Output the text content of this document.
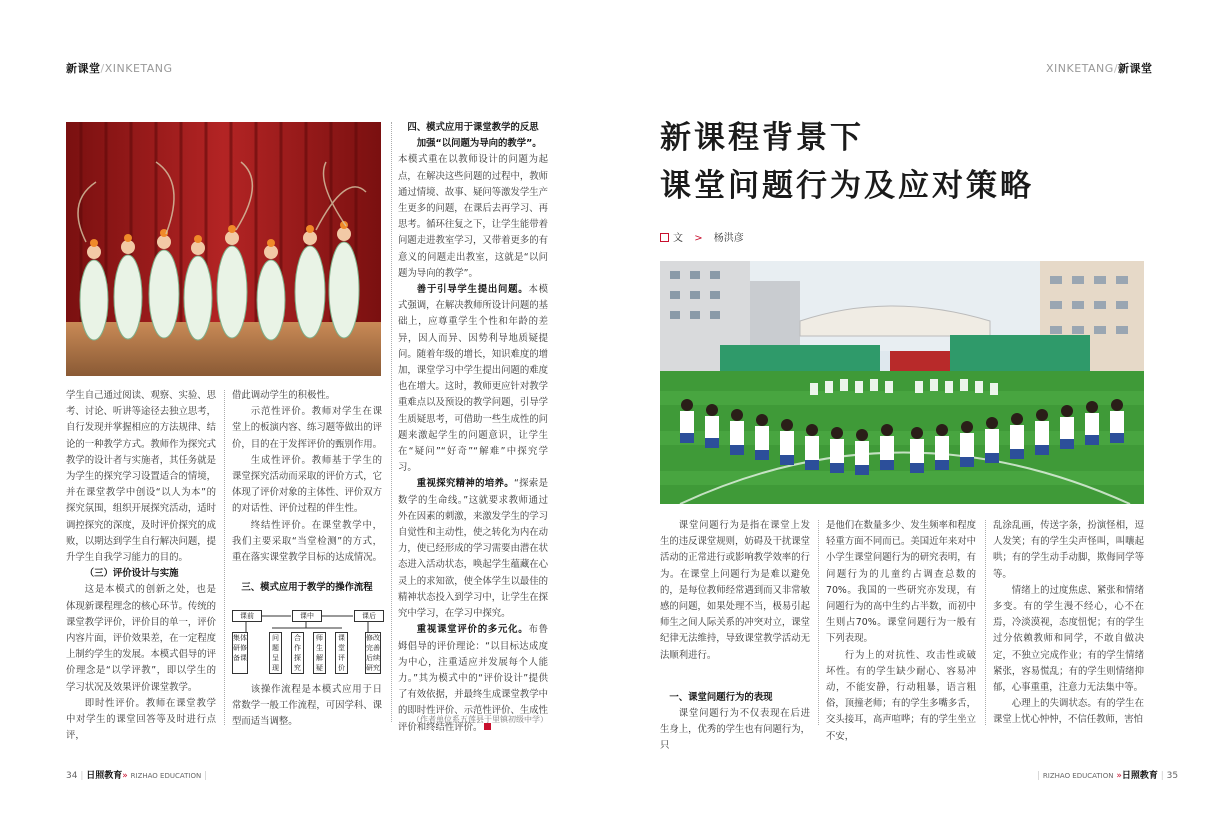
新课堂/XINKETANG	XINKETANG/新课堂

学生自己通过阅读、观察、实验、思考、讨论、听讲等途径去独立思考，自行发现并掌握相应的方法规律、结论的一种教学方式。教师作为探究式教学的设计者与实施者，其任务就是为学生的探究学习设置适合的情境，并在课堂教学中创设“以人为本”的探究氛围，组织开展探究活动，适时调控探究的深度，及时评价探究的成败，以期达到学生自行解决问题，提升学生自我学习能力的目的。

（三）评价设计与实施

这是本模式的创新之处，也是体现新课程理念的核心环节。传统的课堂教学评价，评价目的单一，评价内容片面，评价效果差，在一定程度上制约学生的发展。本模式倡导的评价理念是“以学评教”，即以学生的学习状况及效果评价课堂教学。

即时性评价。教师在课堂教学中对学生的课堂回答等及时进行点评，

借此调动学生的积极性。

示范性评价。教师对学生在课堂上的板演内容、练习题等做出的评价，目的在于发挥评价的甄别作用。

生成性评价。教师基于学生的课堂探究活动而采取的评价方式，它体现了评价对象的主体性、评价双方的对话性、评价过程的伴生性。

终结性评价。在课堂教学中，我们主要采取“当堂检测”的方式，重在落实课堂教学目标的达成情况。

三、模式应用于教学的操作流程

课前	课中	课后
集体研修备课
问题呈现
合作探究
师生解疑
课堂评价
修改完善后续研究

该操作流程是本模式应用于日常数学一般工作流程，可因学科、课型而适当调整。

四、模式应用于课堂教学的反思

加强“以问题为导向的教学”。

本模式重在以教师设计的问题为起点，在解决这些问题的过程中，教师通过情境、故事、疑问等激发学生产生更多的问题，在课后去再学习、再思考。循环往复之下，让学生能带着问题走进教室学习，又带着更多的有意义的问题走出教室，这就是“以问题为导向的教学”。

善于引导学生提出问题。本模式强调，在解决教师所设计问题的基础上，应尊重学生个性和年龄的差异，因人而异、因势利导地质疑提问。随着年级的增长，知识难度的增加，课堂学习中学生提出问题的难度也在增大。这时，教师更应针对教学重难点以及预设的教学问题，引导学生质疑思考，可借助一些生成性的问题来激起学生的问题意识，让学生在“疑问”“好奇”“解难”中探究学习。

重视探究精神的培养。“探索是数学的生命线。”这就要求教师通过外在因素的刺激，来激发学生的学习自觉性和主动性，使之转化为内在动力，使已经形成的学习需要由潜在状态进入活动状态，唤起学生蕴藏在心灵上的求知欲，使全体学生以最佳的精神状态投入到学习中，让学生在探究中学习，在学习中探究。

重视课堂评价的多元化。布鲁姆倡导的评价理论：“以目标达成度为中心，注重适应并发展每个人能力。”其为模式中的“评价设计”提供了有效依据，并最终生成课堂教学中的即时性评价、示范性评价、生成性评价和终结性评价。

（作者单位系五莲县于里镇初级中学）
34 | 日照教育» RIZHAO EDUCATION |
新课程背景下
课堂问题行为及应对策略
文 > 杨洪彦

课堂问题行为是指在课堂上发生的违反课堂规则，妨碍及干扰课堂活动的正常进行或影响教学效率的行为。在课堂上问题行为是难以避免的，是每位教师经常遇到而又非常敏感的问题，如果处理不当，极易引起师生之间人际关系的冲突对立，课堂纪律无法维持，导致课堂教学活动无法顺利进行。

一、课堂问题行为的表现

课堂问题行为不仅表现在后进生身上，优秀的学生也有问题行为，只

是他们在数量多少、发生频率和程度轻重方面不同而已。美国近年来对中小学生课堂问题行为的研究表明，有问题行为的儿童约占调查总数的70%。我国的一些研究亦发现，有问题行为的高中生约占半数，而初中生则占70%。课堂问题行为一般有下列表现。

行为上的对抗性、攻击性或破坏性。有的学生缺少耐心、容易冲动，不能安静，行动粗暴，语言粗俗，顶撞老师；有的学生多嘴多舌，交头接耳，高声喧哗；有的学生坐立不安，

乱涂乱画，传送字条，扮演怪相，逗人发笑；有的学生尖声怪叫，叫嚷起哄；有的学生动手动脚，欺侮同学等等。

情绪上的过度焦虑、紧张和情绪多变。有的学生漫不经心，心不在焉，冷淡漠视，态度忸怩；有的学生过分依赖教师和同学，不敢自做决定，不独立完成作业；有的学生情绪紧张，容易慌乱；有的学生则情绪抑郁，心事重重，注意力无法集中等。

心理上的失调状态。有的学生在课堂上忧心忡忡，不信任教师，害怕

| RIZHAO EDUCATION »日照教育 | 35
